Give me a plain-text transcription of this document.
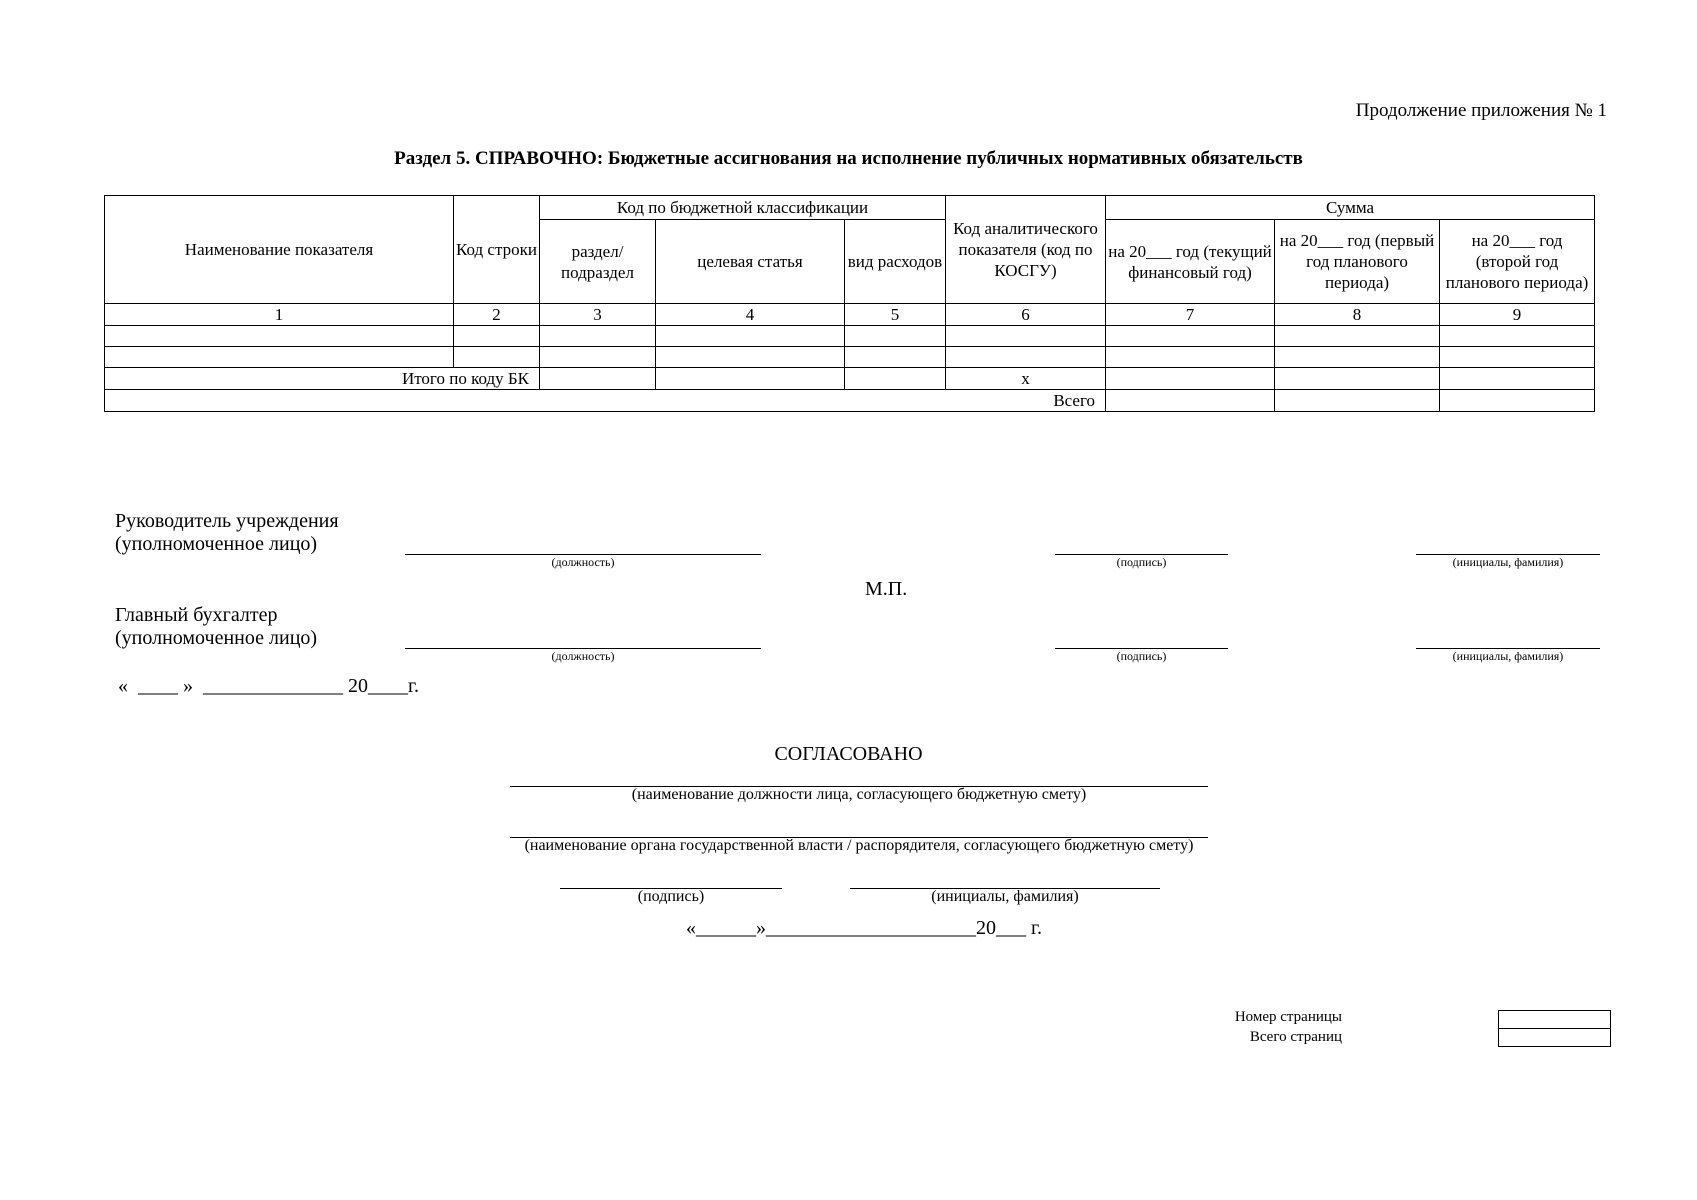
Продолжение приложения № 1
Раздел 5. СПРАВОЧНО: Бюджетные ассигнования на исполнение публичных нормативных обязательств
Наименование показателя	Код строки	Код по бюджетной классификации			Код аналитического показателя (код по КОСГУ)	Сумма		
		раздел/ подраздел	целевая статья	вид расходов		на 20___ год (текущий финансовый год)	на 20___ год (первый год планового периода)	на 20___ год (второй год планового периода)
1	2	3	4	5	6	7	8	9

Итого по коду БК					х			
Всего								
Руководитель учреждения
(уполномоченное лицо)
(должность)	(подпись)	(инициалы, фамилия)
М.П.
Главный бухгалтер
(уполномоченное лицо)
(должность)	(подпись)	(инициалы, фамилия)
«  ____ »  ______________ 20____г.
СОГЛАСОВАНО
(наименование должности лица, согласующего бюджетную смету)
(наименование органа государственной власти / распорядителя, согласующего бюджетную смету)
(подпись)	(инициалы, фамилия)
«______»_____________________20___ г.
Номер страницы
Всего страниц
